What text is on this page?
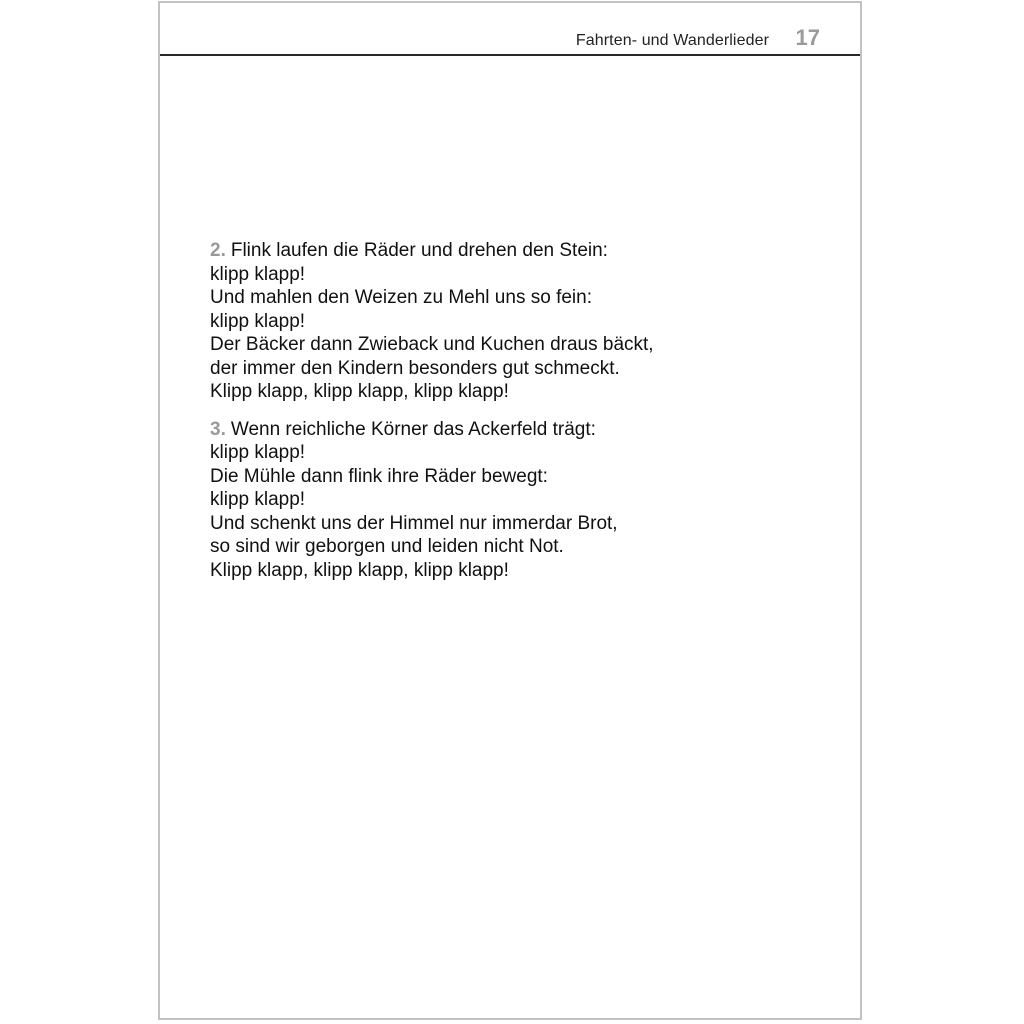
Fahrten- und Wanderlieder 17
2. Flink laufen die Räder und drehen den Stein:
klipp klapp!
Und mahlen den Weizen zu Mehl uns so fein:
klipp klapp!
Der Bäcker dann Zwieback und Kuchen draus bäckt,
der immer den Kindern besonders gut schmeckt.
Klipp klapp, klipp klapp, klipp klapp!
3. Wenn reichliche Körner das Ackerfeld trägt:
klipp klapp!
Die Mühle dann flink ihre Räder bewegt:
klipp klapp!
Und schenkt uns der Himmel nur immerdar Brot,
so sind wir geborgen und leiden nicht Not.
Klipp klapp, klipp klapp, klipp klapp!
